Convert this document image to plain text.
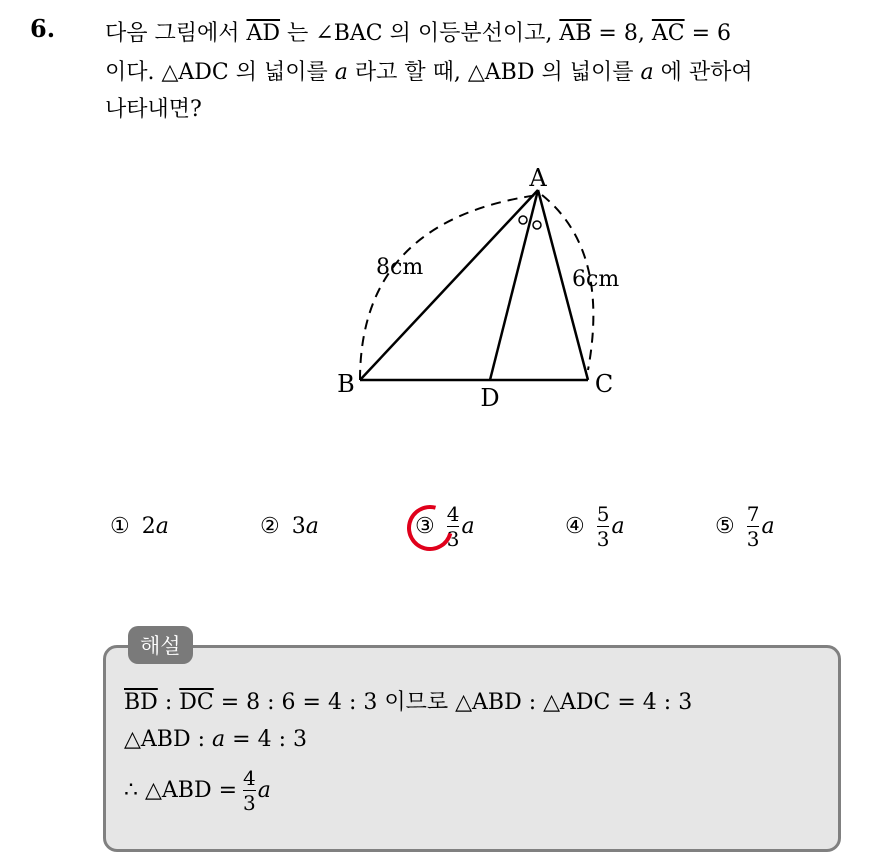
6. 다음 그림에서 $\overline{AD}$ 는 ∠BAC 의 이등분선이고, $\overline{AB} = 8$, $\overline{AC} = 6$
이다. △ADC 의 넓이를 a 라고 할 때, △ABD 의 넓이를 a 에 관하여
나타내면?
A
B	C
D
8cm	6cm
① 2 a	② 3 a	③ $\frac{4}{3}$ a	④ $\frac{5}{3}$ a	⑤ $\frac{7}{3}$ a
해설
$\overline{BD}$ : $\overline{DC} = 8$ : 6 = 4 : 3 이므로 △ABD : △ADC = 4 : 3
△ABD : a = 4 : 3
∴ △ABD = $\frac{4}{3}$ a
